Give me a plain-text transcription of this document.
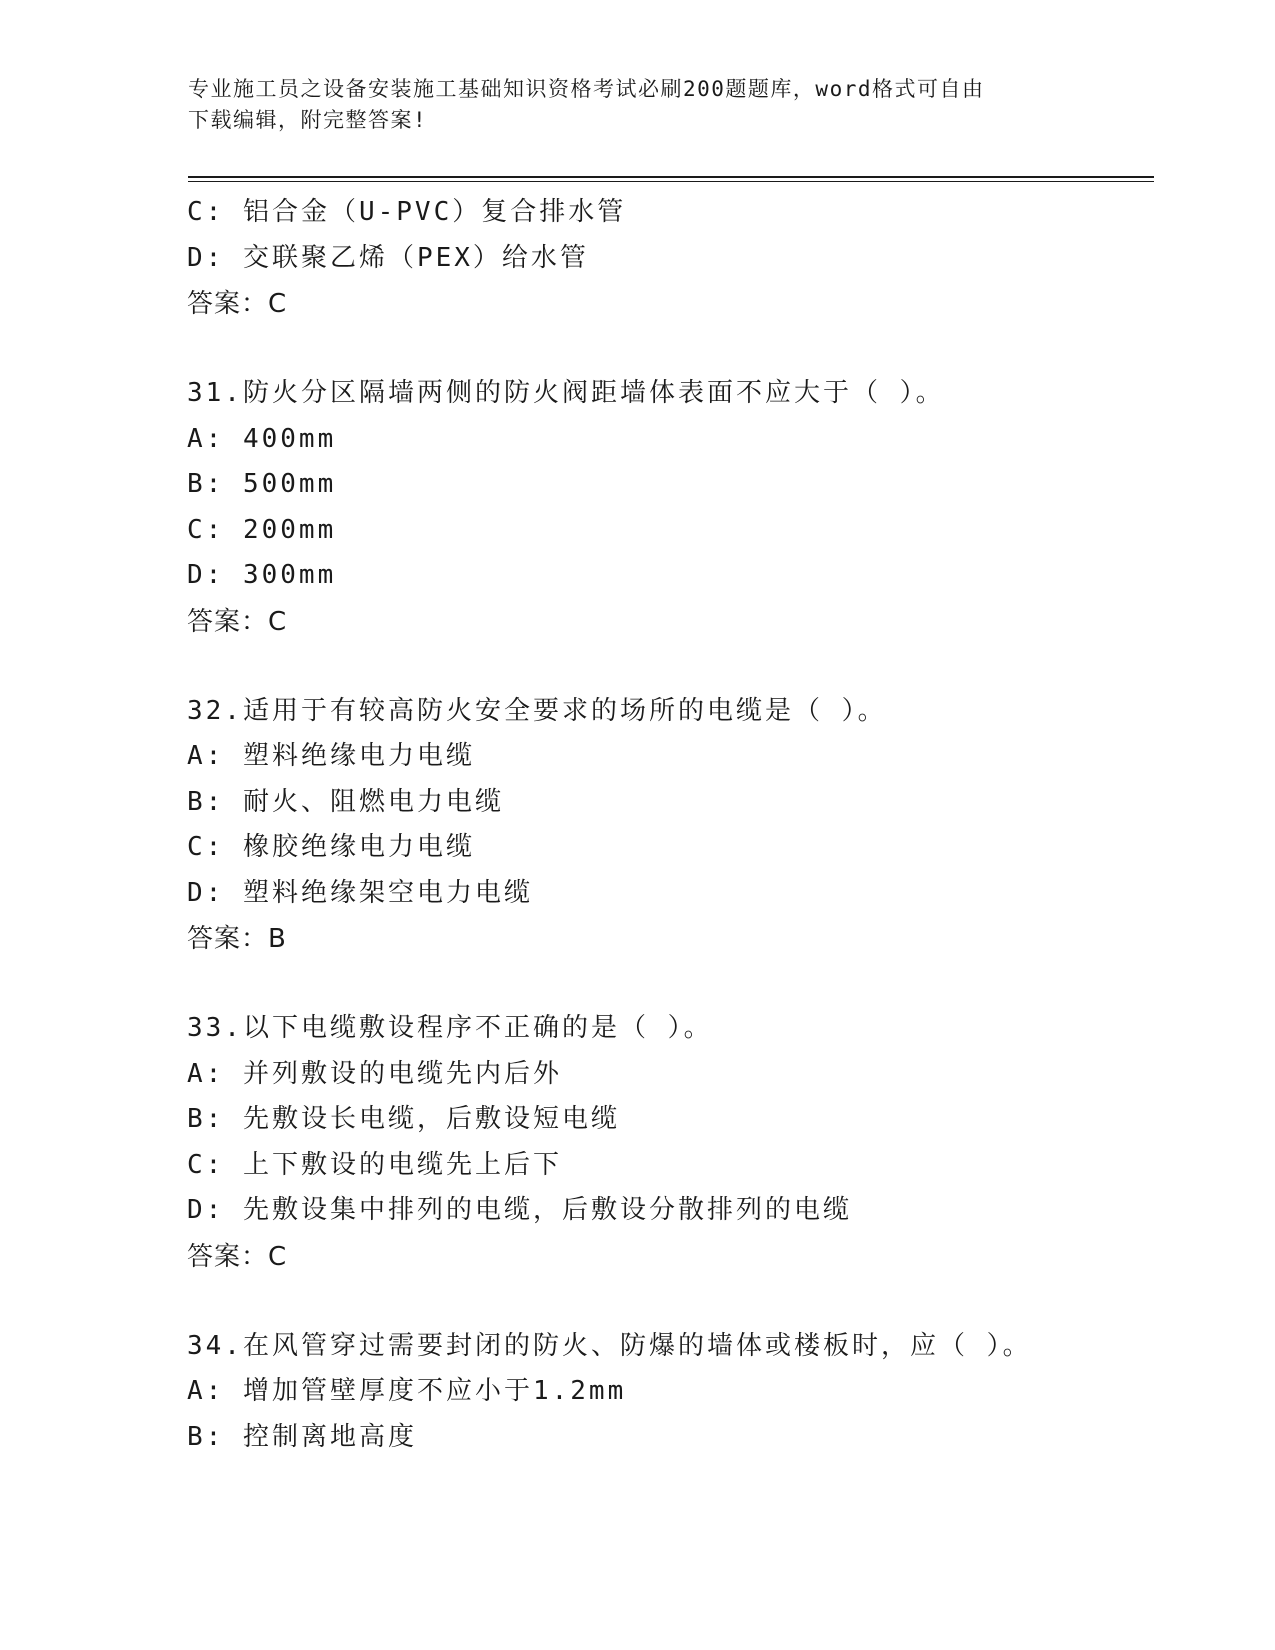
专业施工员之设备安装施工基础知识资格考试必刷200题题库，word格式可自由
下载编辑，附完整答案!
C: 铝合金（U-PVC）复合排水管
D: 交联聚乙烯（PEX）给水管
答案：C
31.防火分区隔墙两侧的防火阀距墙体表面不应大于（ ）。
A: 400mm
B: 500mm
C: 200mm
D: 300mm
答案：C
32.适用于有较高防火安全要求的场所的电缆是（ ）。
A: 塑料绝缘电力电缆
B: 耐火、阻燃电力电缆
C: 橡胶绝缘电力电缆
D: 塑料绝缘架空电力电缆
答案：B
33.以下电缆敷设程序不正确的是（ ）。
A: 并列敷设的电缆先内后外
B: 先敷设长电缆，后敷设短电缆
C: 上下敷设的电缆先上后下
D: 先敷设集中排列的电缆，后敷设分散排列的电缆
答案：C
34.在风管穿过需要封闭的防火、防爆的墙体或楼板时，应（ ）。
A: 增加管壁厚度不应小于1.2mm
B: 控制离地高度
